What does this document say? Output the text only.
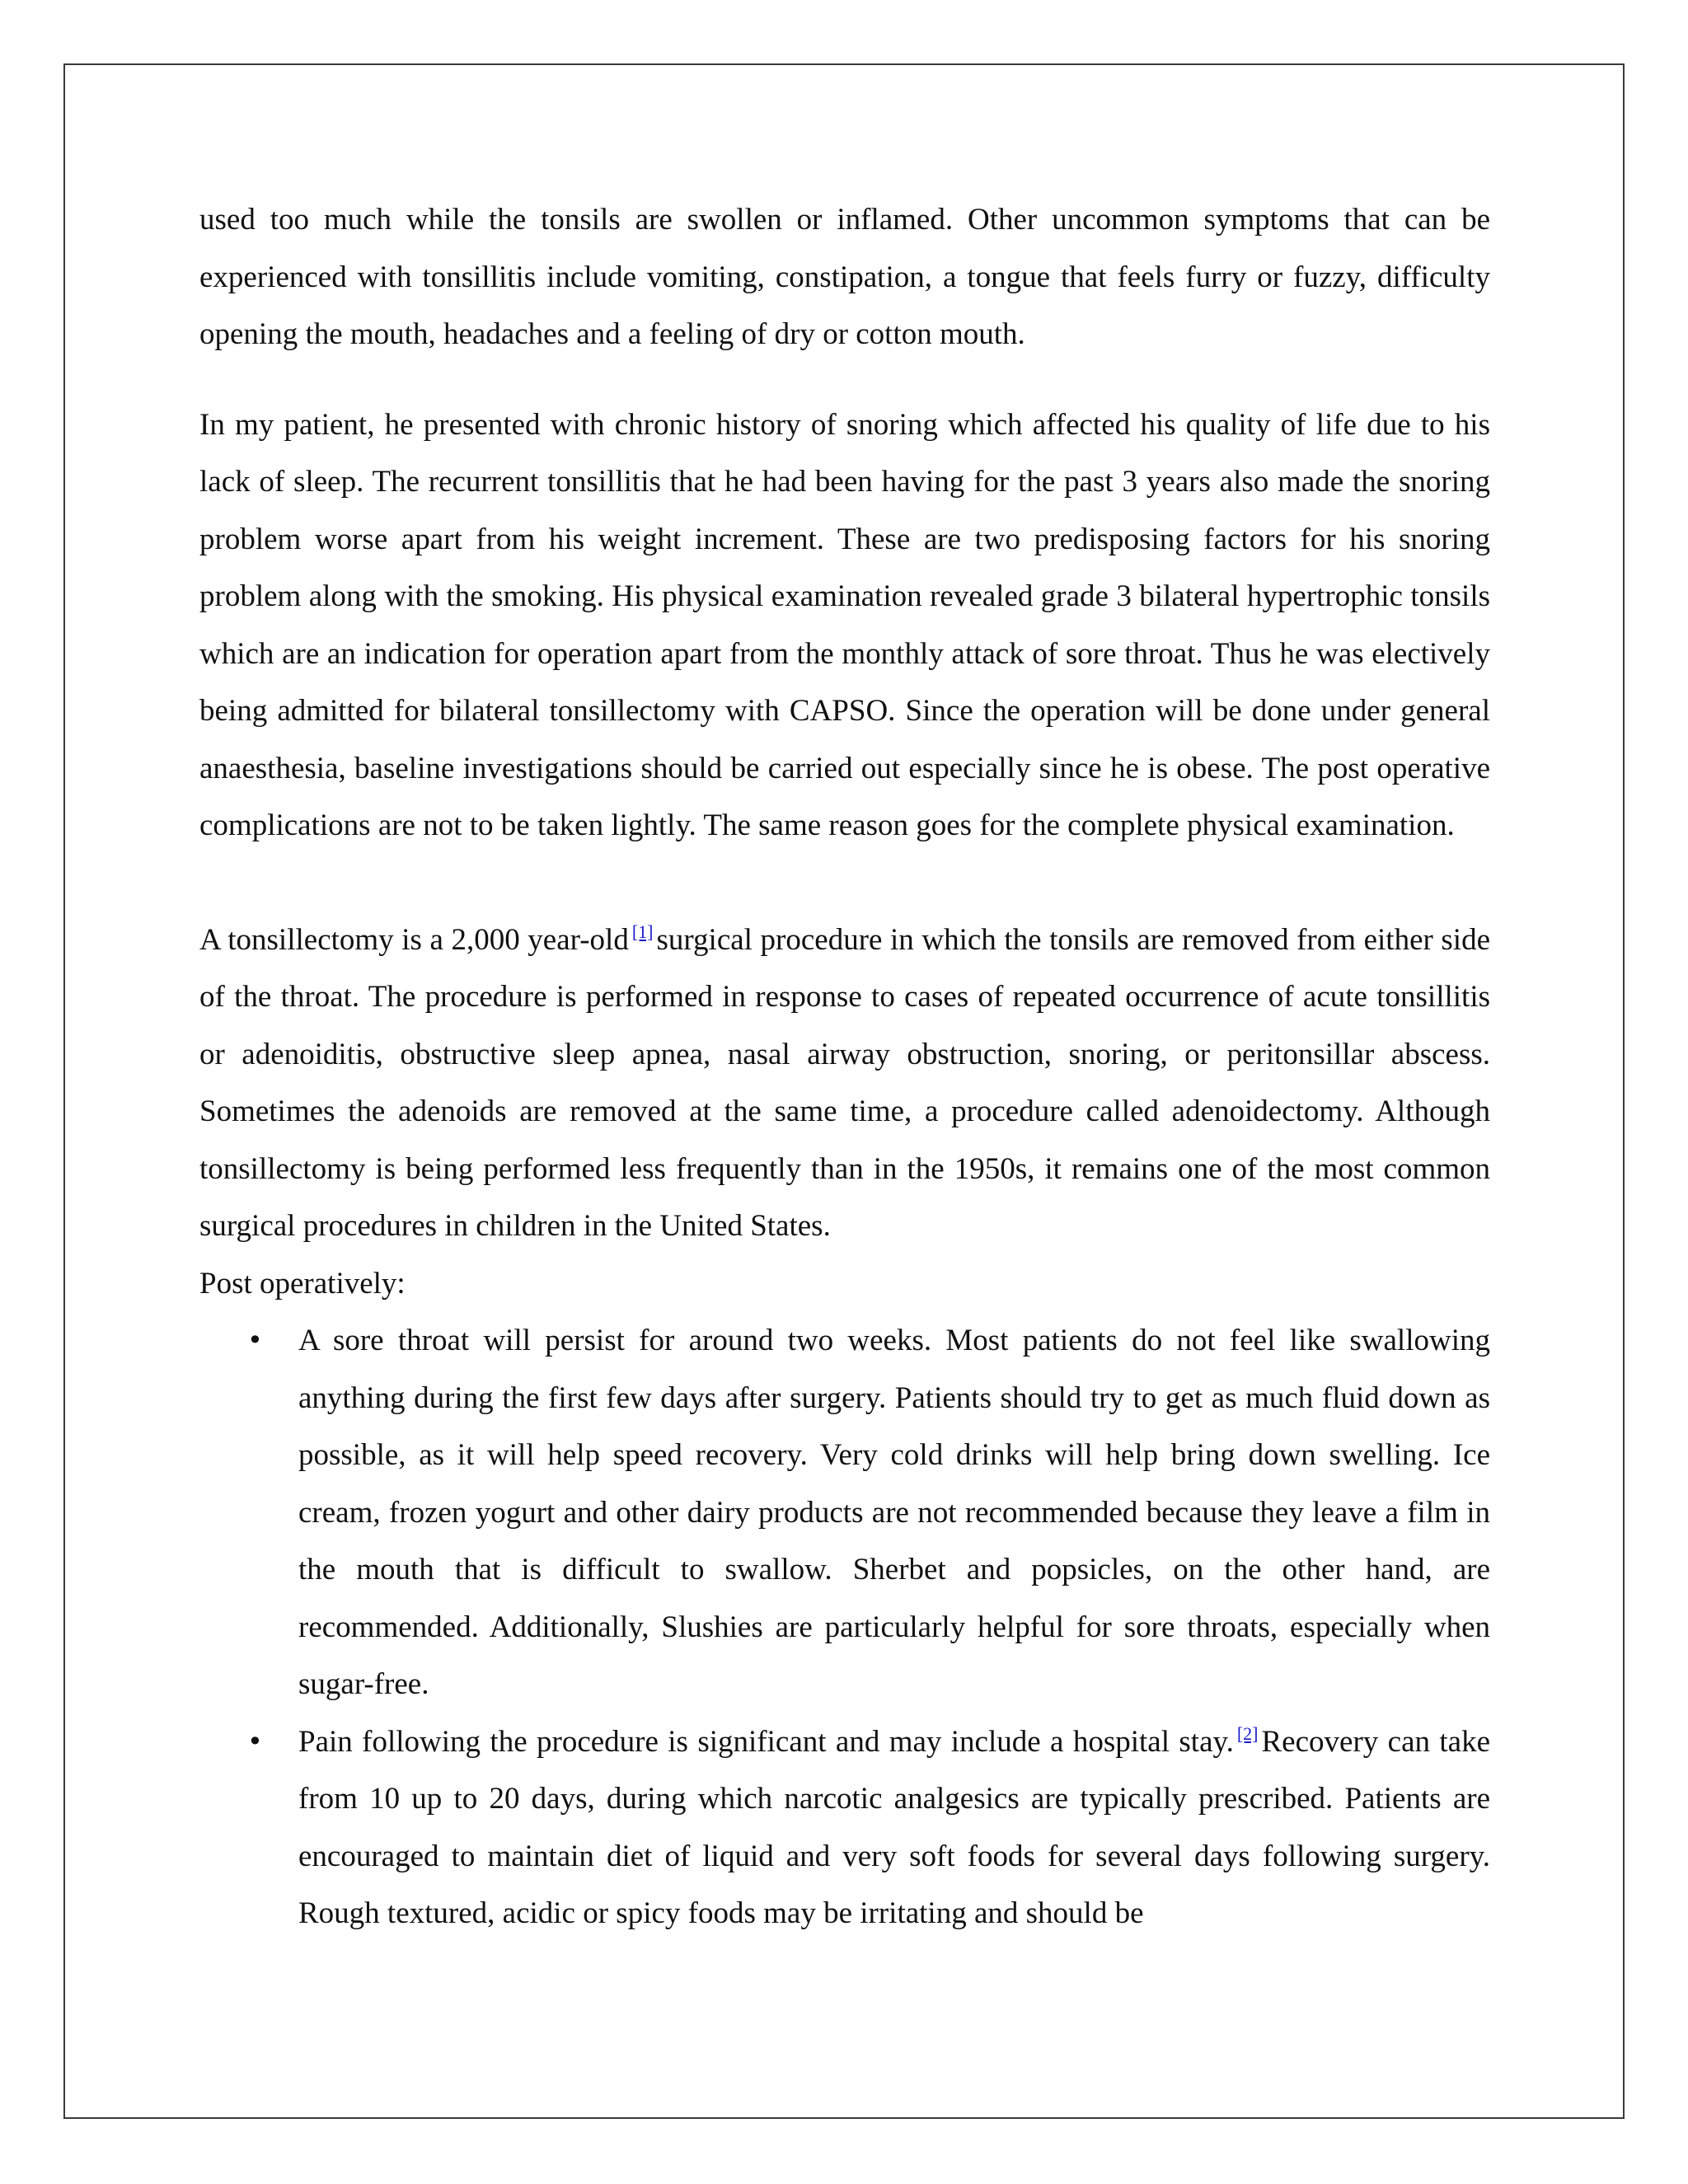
used too much while the tonsils are swollen or inflamed. Other uncommon symptoms that can be experienced with tonsillitis include vomiting, constipation, a tongue that feels furry or fuzzy, difficulty opening the mouth, headaches and a feeling of dry or cotton mouth.

In my patient, he presented with chronic history of snoring which affected his quality of life due to his lack of sleep. The recurrent tonsillitis that he had been having for the past 3 years also made the snoring problem worse apart from his weight increment. These are two predisposing factors for his snoring problem along with the smoking. His physical examination revealed grade 3 bilateral hypertrophic tonsils which are an indication for operation apart from the monthly attack of sore throat. Thus he was electively being admitted for bilateral tonsillectomy with CAPSO. Since the operation will be done under general anaesthesia, baseline investigations should be carried out especially since he is obese. The post operative complications are not to be taken lightly. The same reason goes for the complete physical examination.

A tonsillectomy is a 2,000 year-old [1] surgical procedure in which the tonsils are removed from either side of the throat. The procedure is performed in response to cases of repeated occurrence of acute tonsillitis or adenoiditis, obstructive sleep apnea, nasal airway obstruction, snoring, or peritonsillar abscess. Sometimes the adenoids are removed at the same time, a procedure called adenoidectomy. Although tonsillectomy is being performed less frequently than in the 1950s, it remains one of the most common surgical procedures in children in the United States.

Post operatively:

• A sore throat will persist for around two weeks. Most patients do not feel like swallowing anything during the first few days after surgery. Patients should try to get as much fluid down as possible, as it will help speed recovery. Very cold drinks will help bring down swelling. Ice cream, frozen yogurt and other dairy products are not recommended because they leave a film in the mouth that is difficult to swallow. Sherbet and popsicles, on the other hand, are recommended. Additionally, Slushies are particularly helpful for sore throats, especially when sugar-free.
• Pain following the procedure is significant and may include a hospital stay. [2] Recovery can take from 10 up to 20 days, during which narcotic analgesics are typically prescribed. Patients are encouraged to maintain diet of liquid and very soft foods for several days following surgery. Rough textured, acidic or spicy foods may be irritating and should be
